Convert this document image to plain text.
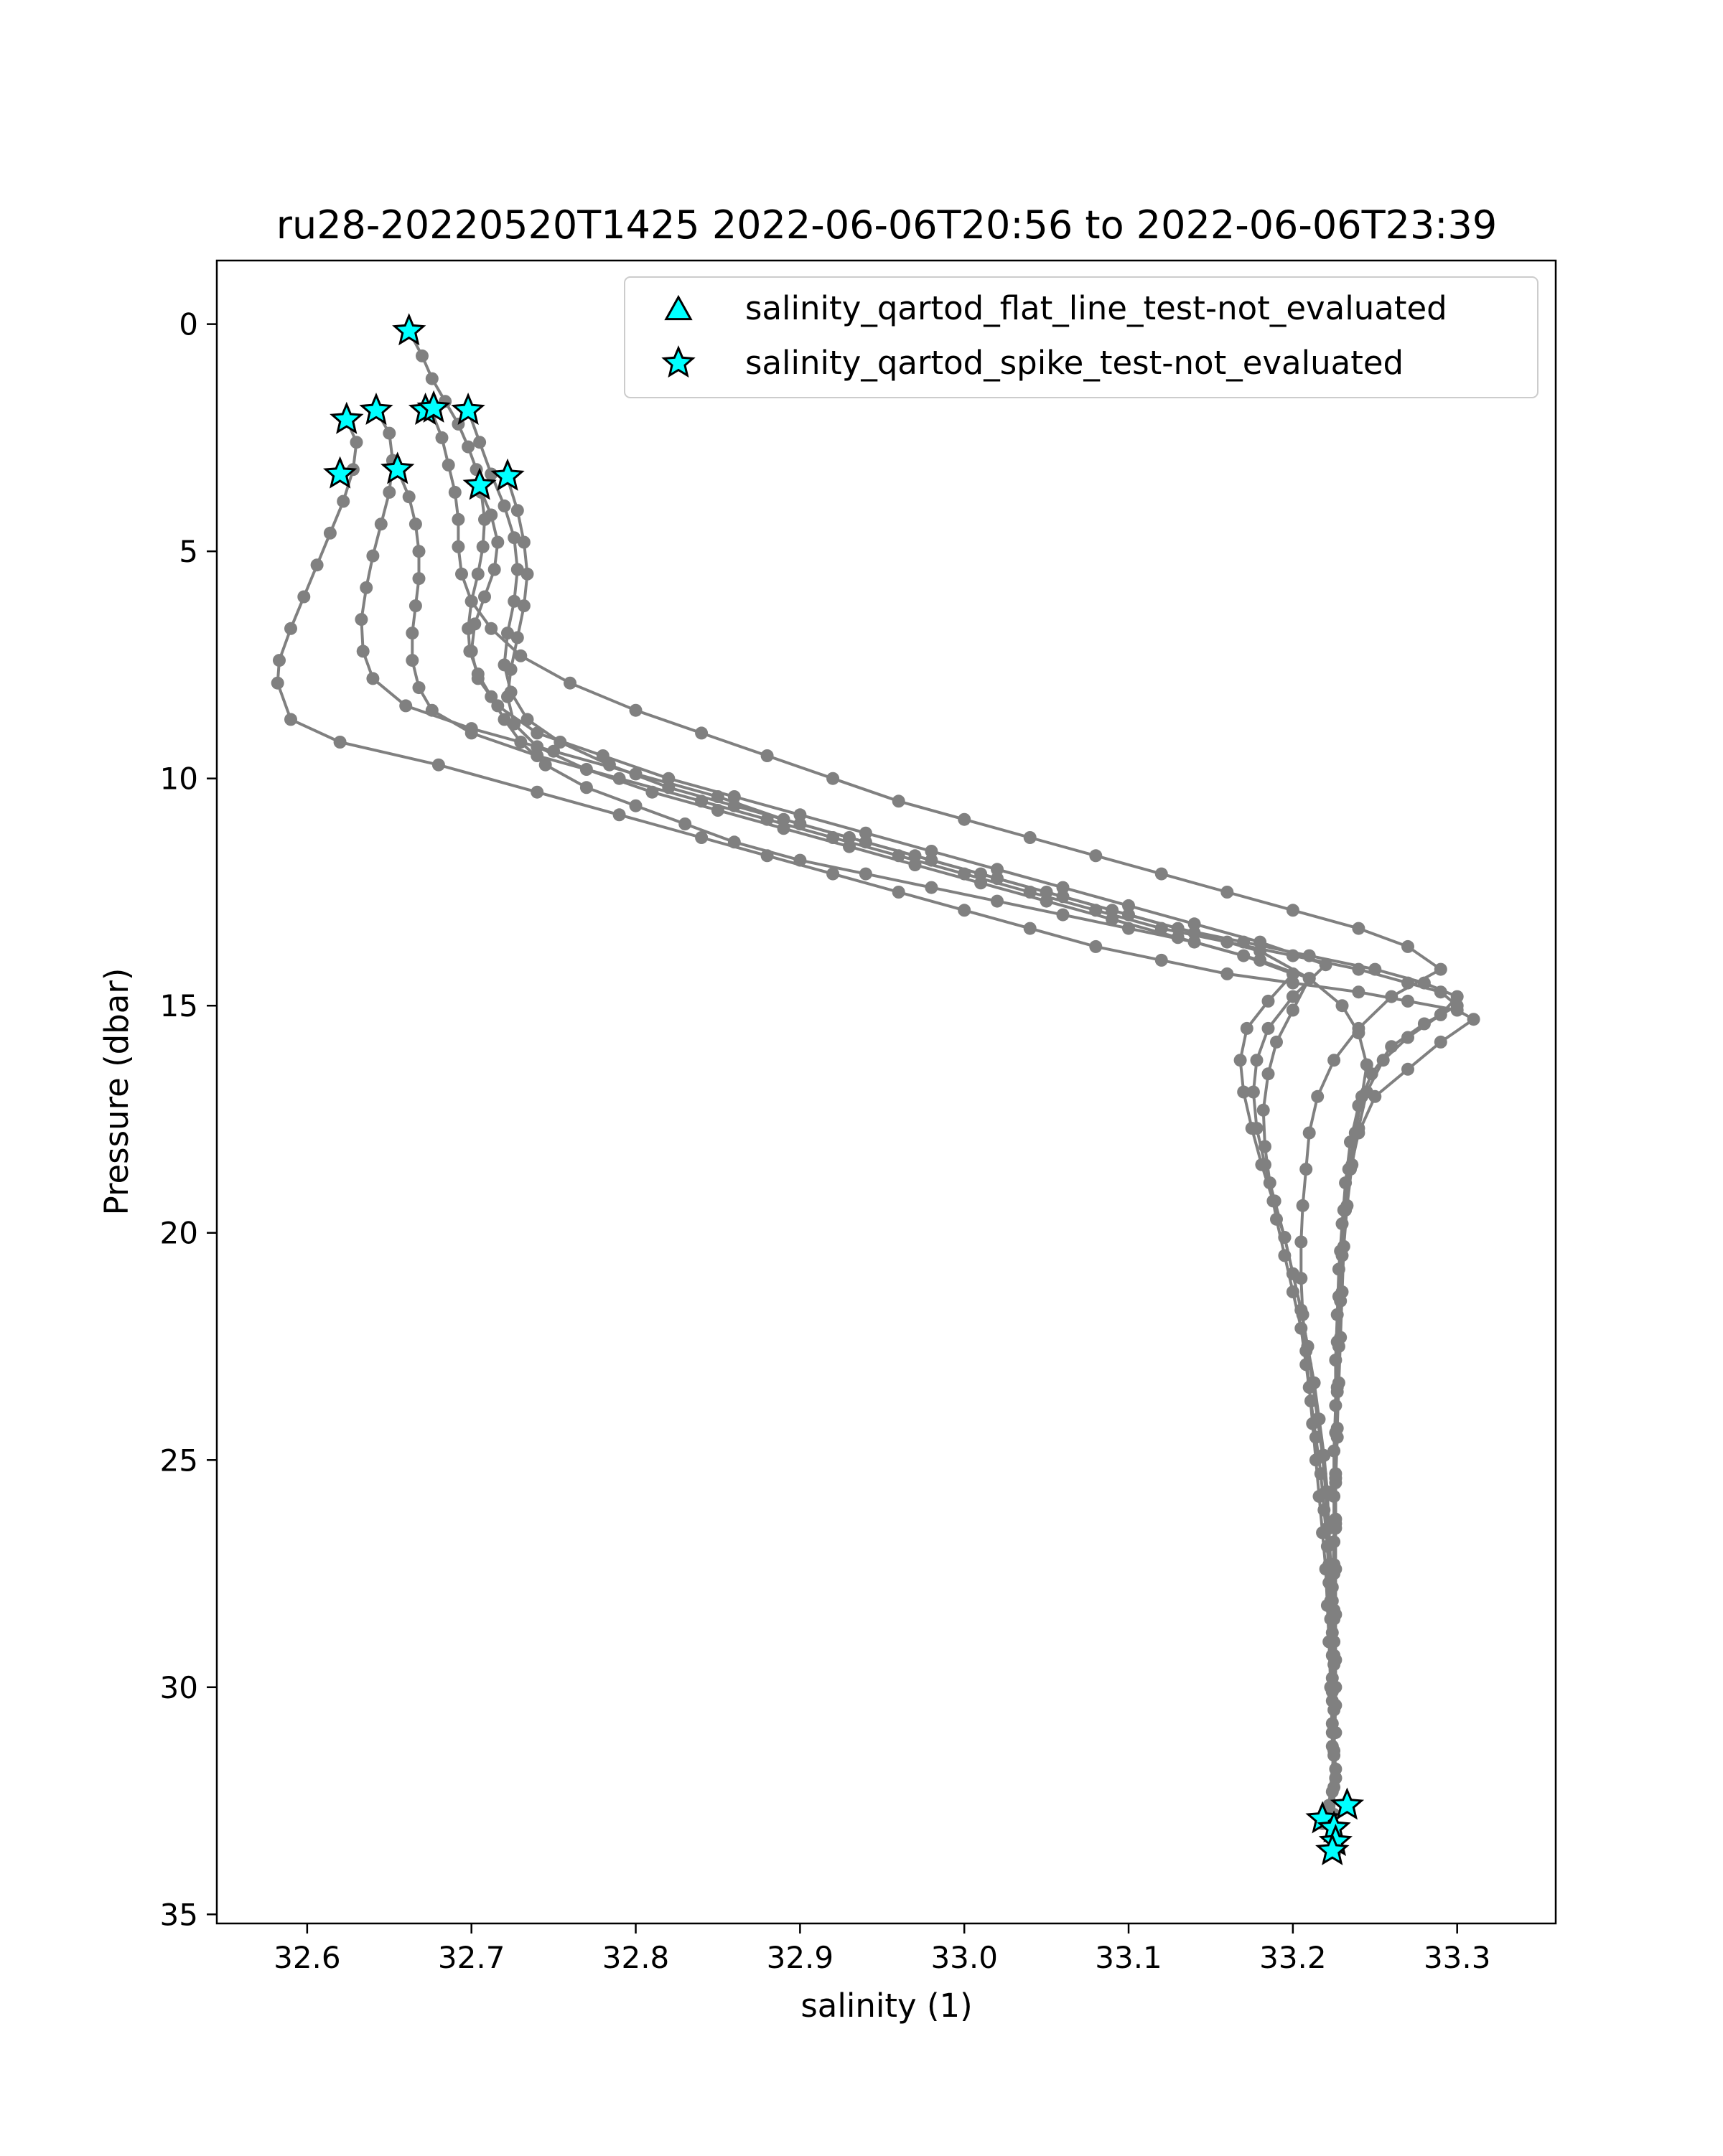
ru28-20220520T1425 2022-06-06T20:56 to 2022-06-06T23:39
32.6	32.7	32.8	32.9	33.0	33.1	33.2	33.3
0
5
10
15
20
25
30
35
salinity (1)
Pressure (dbar)
salinity_qartod_flat_line_test-not_evaluated
salinity_qartod_spike_test-not_evaluated
